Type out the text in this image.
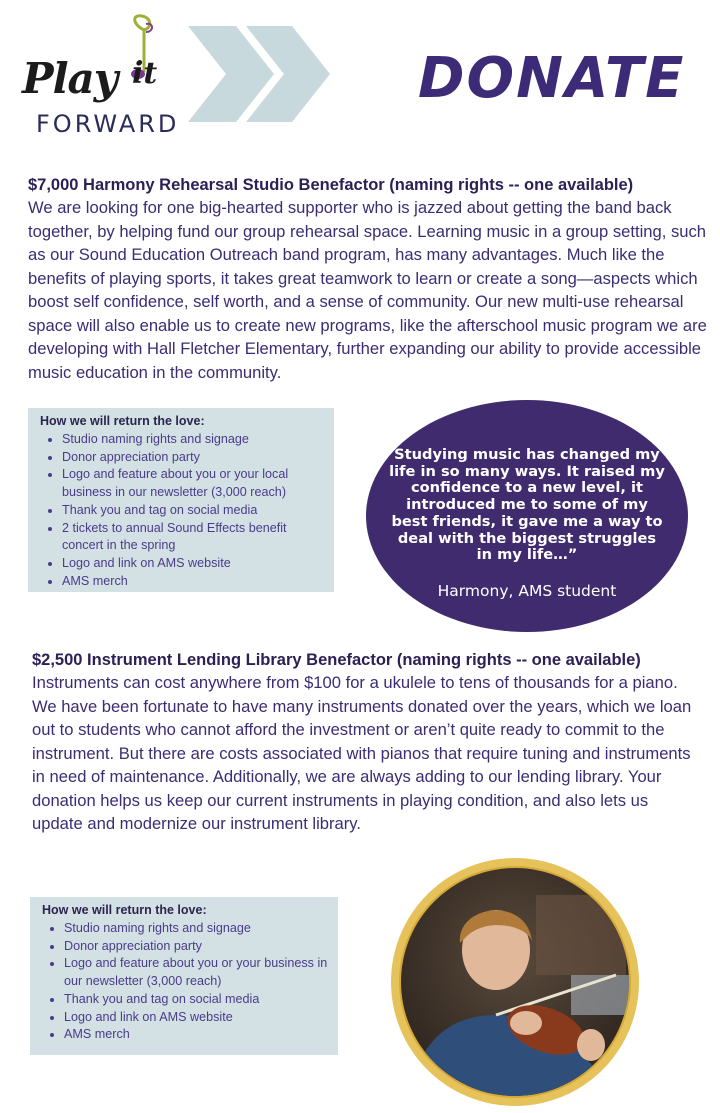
Play it
FORWARD
DONATE
$7,000 Harmony Rehearsal Studio Benefactor (naming rights -- one available)
We are looking for one big-hearted supporter who is jazzed about getting the band back together, by helping fund our group rehearsal space. Learning music in a group setting, such as our Sound Education Outreach band program, has many advantages. Much like the benefits of playing sports, it takes great teamwork to learn or create a song—aspects which boost self confidence, self worth, and a sense of community. Our new multi-use rehearsal space will also enable us to create new programs, like the afterschool music program we are developing with Hall Fletcher Elementary, further expanding our ability to provide accessible music education in the community.
How we will return the love:
• Studio naming rights and signage
• Donor appreciation party
• Logo and feature about you or your local business in our newsletter (3,000 reach)
• Thank you and tag on social media
• 2 tickets to annual Sound Effects benefit concert in the spring
• Logo and link on AMS website
• AMS merch
Studying music has changed my life in so many ways. It raised my confidence to a new level, it introduced me to some of my best friends, it gave me a way to deal with the biggest struggles in my life…”
Harmony, AMS student
$2,500 Instrument Lending Library Benefactor (naming rights -- one available)
Instruments can cost anywhere from $100 for a ukulele to tens of thousands for a piano. We have been fortunate to have many instruments donated over the years, which we loan out to students who cannot afford the investment or aren’t quite ready to commit to the instrument. But there are costs associated with pianos that require tuning and instruments in need of maintenance. Additionally, we are always adding to our lending library. Your donation helps us keep our current instruments in playing condition, and also lets us update and modernize our instrument library.
How we will return the love:
• Studio naming rights and signage
• Donor appreciation party
• Logo and feature about you or your business in our newsletter (3,000 reach)
• Thank you and tag on social media
• Logo and link on AMS website
• AMS merch
